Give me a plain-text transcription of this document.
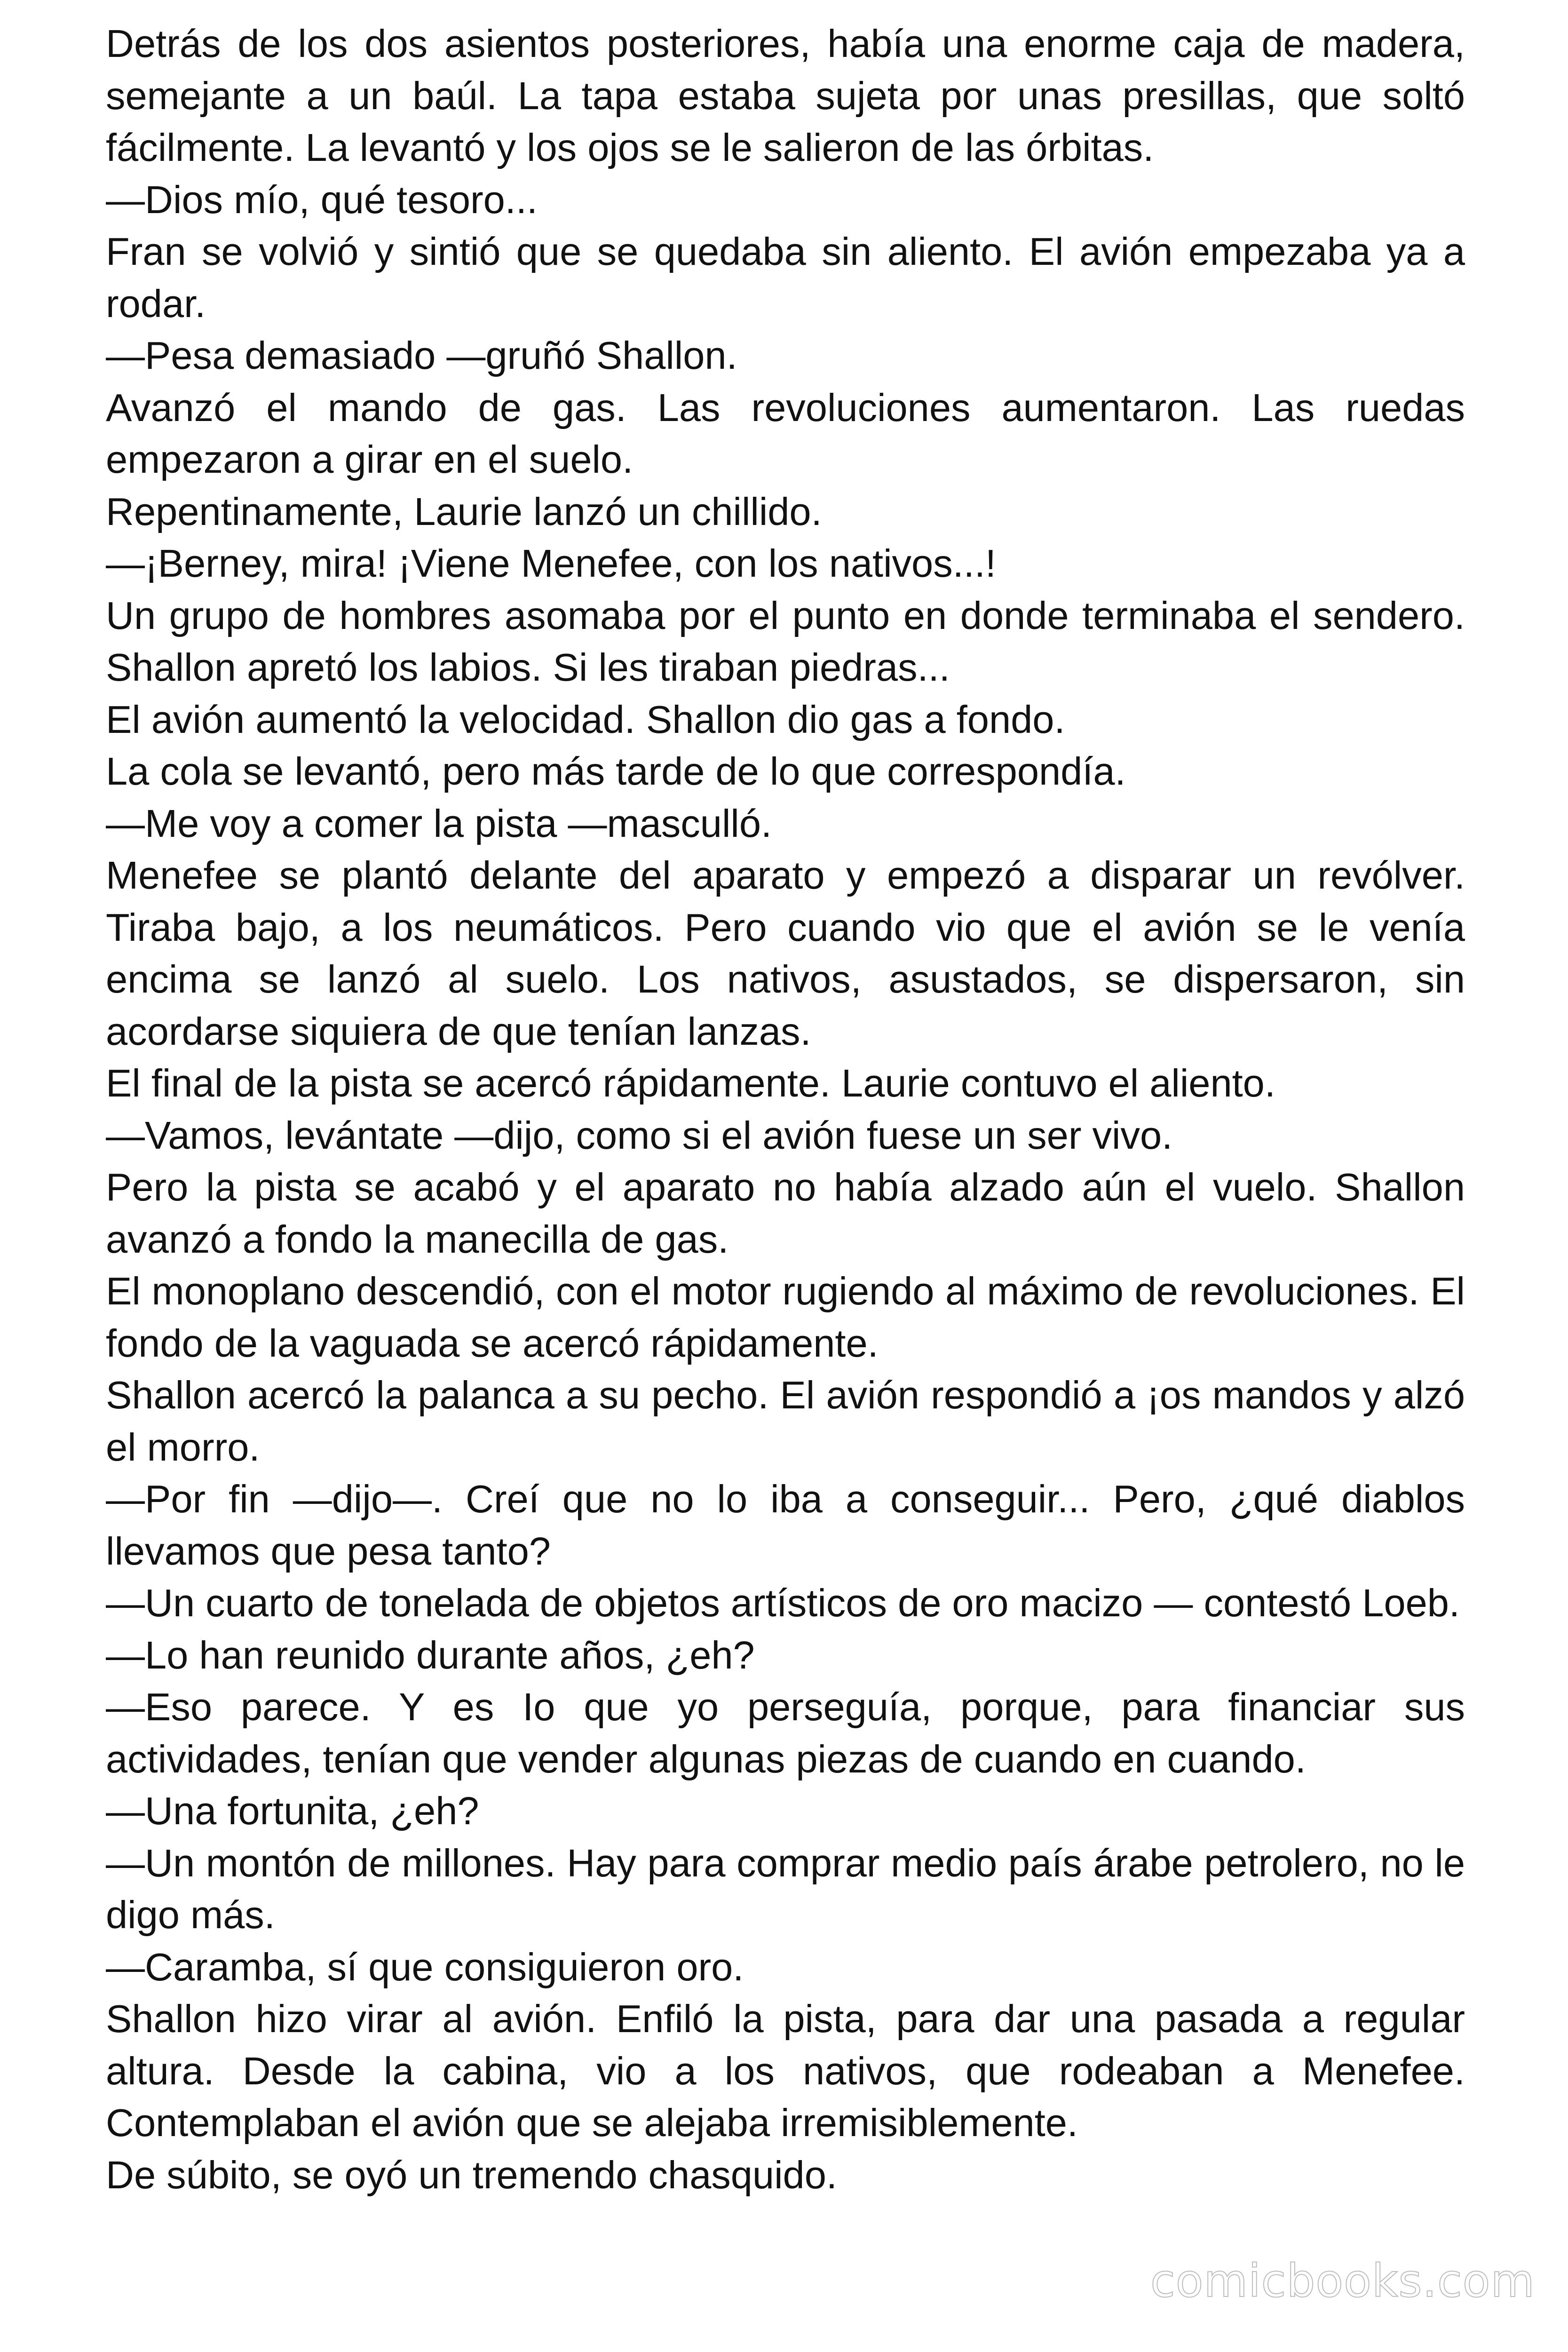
Detrás de los dos asientos posteriores, había una enorme caja de madera, semejante a un baúl. La tapa estaba sujeta por unas presillas, que soltó fácilmente. La levantó y los ojos se le salieron de las órbitas.

—Dios mío, qué tesoro...

Fran se volvió y sintió que se quedaba sin aliento. El avión empezaba ya a rodar.

—Pesa demasiado —gruñó Shallon.

Avanzó el mando de gas. Las revoluciones aumentaron. Las ruedas empezaron a girar en el suelo.

Repentinamente, Laurie lanzó un chillido.

—¡Berney, mira! ¡Viene Menefee, con los nativos...!

Un grupo de hombres asomaba por el punto en donde terminaba el sendero. Shallon apretó los labios. Si les tiraban piedras...

El avión aumentó la velocidad. Shallon dio gas a fondo.

La cola se levantó, pero más tarde de lo que correspondía.

—Me voy a comer la pista —masculló.

Menefee se plantó delante del aparato y empezó a disparar un revólver. Tiraba bajo, a los neumáticos. Pero cuando vio que el avión se le venía encima se lanzó al suelo. Los nativos, asustados, se dispersaron, sin acordarse siquiera de que tenían lanzas.

El final de la pista se acercó rápidamente. Laurie contuvo el aliento.

—Vamos, levántate —dijo, como si el avión fuese un ser vivo.

Pero la pista se acabó y el aparato no había alzado aún el vuelo. Shallon avanzó a fondo la manecilla de gas.

El monoplano descendió, con el motor rugiendo al máximo de revoluciones. El fondo de la vaguada se acercó rápidamente.

Shallon acercó la palanca a su pecho. El avión respondió a ¡os mandos y alzó el morro.

—Por fin —dijo—. Creí que no lo iba a conseguir... Pero, ¿qué diablos llevamos que pesa tanto?

—Un cuarto de tonelada de objetos artísticos de oro macizo — contestó Loeb.

—Lo han reunido durante años, ¿eh?

—Eso parece. Y es Io que yo perseguía, porque, para financiar sus actividades, tenían que vender algunas piezas de cuando en cuando.

—Una fortunita, ¿eh?

—Un montón de millones. Hay para comprar medio país árabe petrolero, no le digo más.

—Caramba, sí que consiguieron oro.

Shallon hizo virar al avión. Enfiló la pista, para dar una pasada a regular altura. Desde la cabina, vio a los nativos, que rodeaban a Menefee. Contemplaban el avión que se alejaba irremisiblemente.

De súbito, se oyó un tremendo chasquido.

comicbooks.com
